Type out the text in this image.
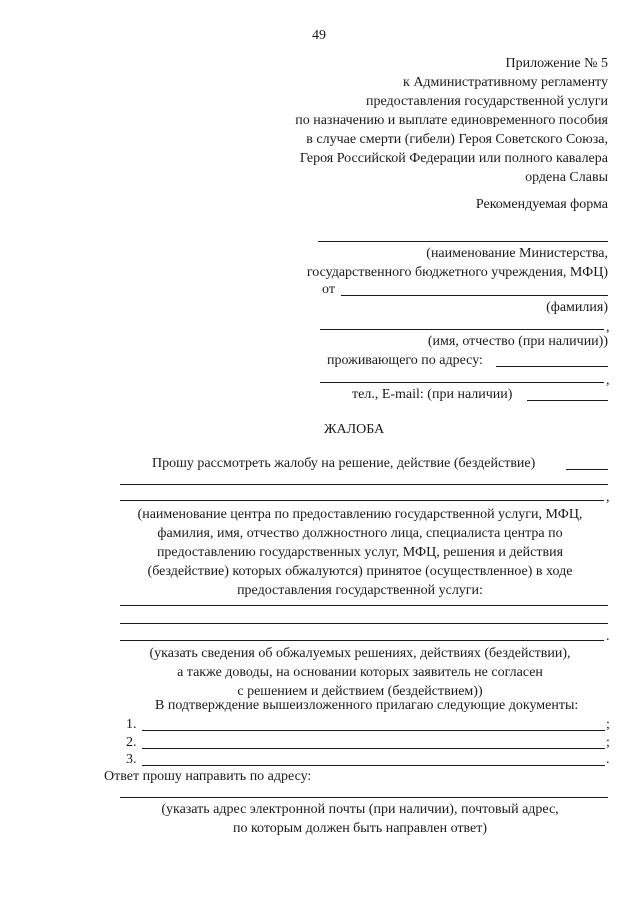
49
Приложение № 5
к Административному регламенту
предоставления государственной услуги
по назначению и выплате единовременного пособия
в случае смерти (гибели) Героя Советского Союза,
Героя Российской Федерации или полного кавалера
ордена Славы
Рекомендуемая форма
(наименование Министерства,
государственного бюджетного учреждения, МФЦ)
от
(фамилия)
,
(имя, отчество (при наличии))
проживающего по адресу:
,
тел., E-mail: (при наличии)
ЖАЛОБА
Прошу рассмотреть жалобу на решение, действие (бездействие)
,
(наименование центра по предоставлению государственной услуги, МФЦ,
фамилия, имя, отчество должностного лица, специалиста центра по
предоставлению государственных услуг, МФЦ, решения и действия
(бездействие) которых обжалуются) принятое (осуществленное) в ходе
предоставления государственной услуги:
.
(указать сведения об обжалуемых решениях, действиях (бездействии),
а также доводы, на основании которых заявитель не согласен
с решением и действием (бездействием))
В подтверждение вышеизложенного прилагаю следующие документы:
1.	;
2.	;
3.	.
Ответ прошу направить по адресу:
(указать адрес электронной почты (при наличии), почтовый адрес,
по которым должен быть направлен ответ)
